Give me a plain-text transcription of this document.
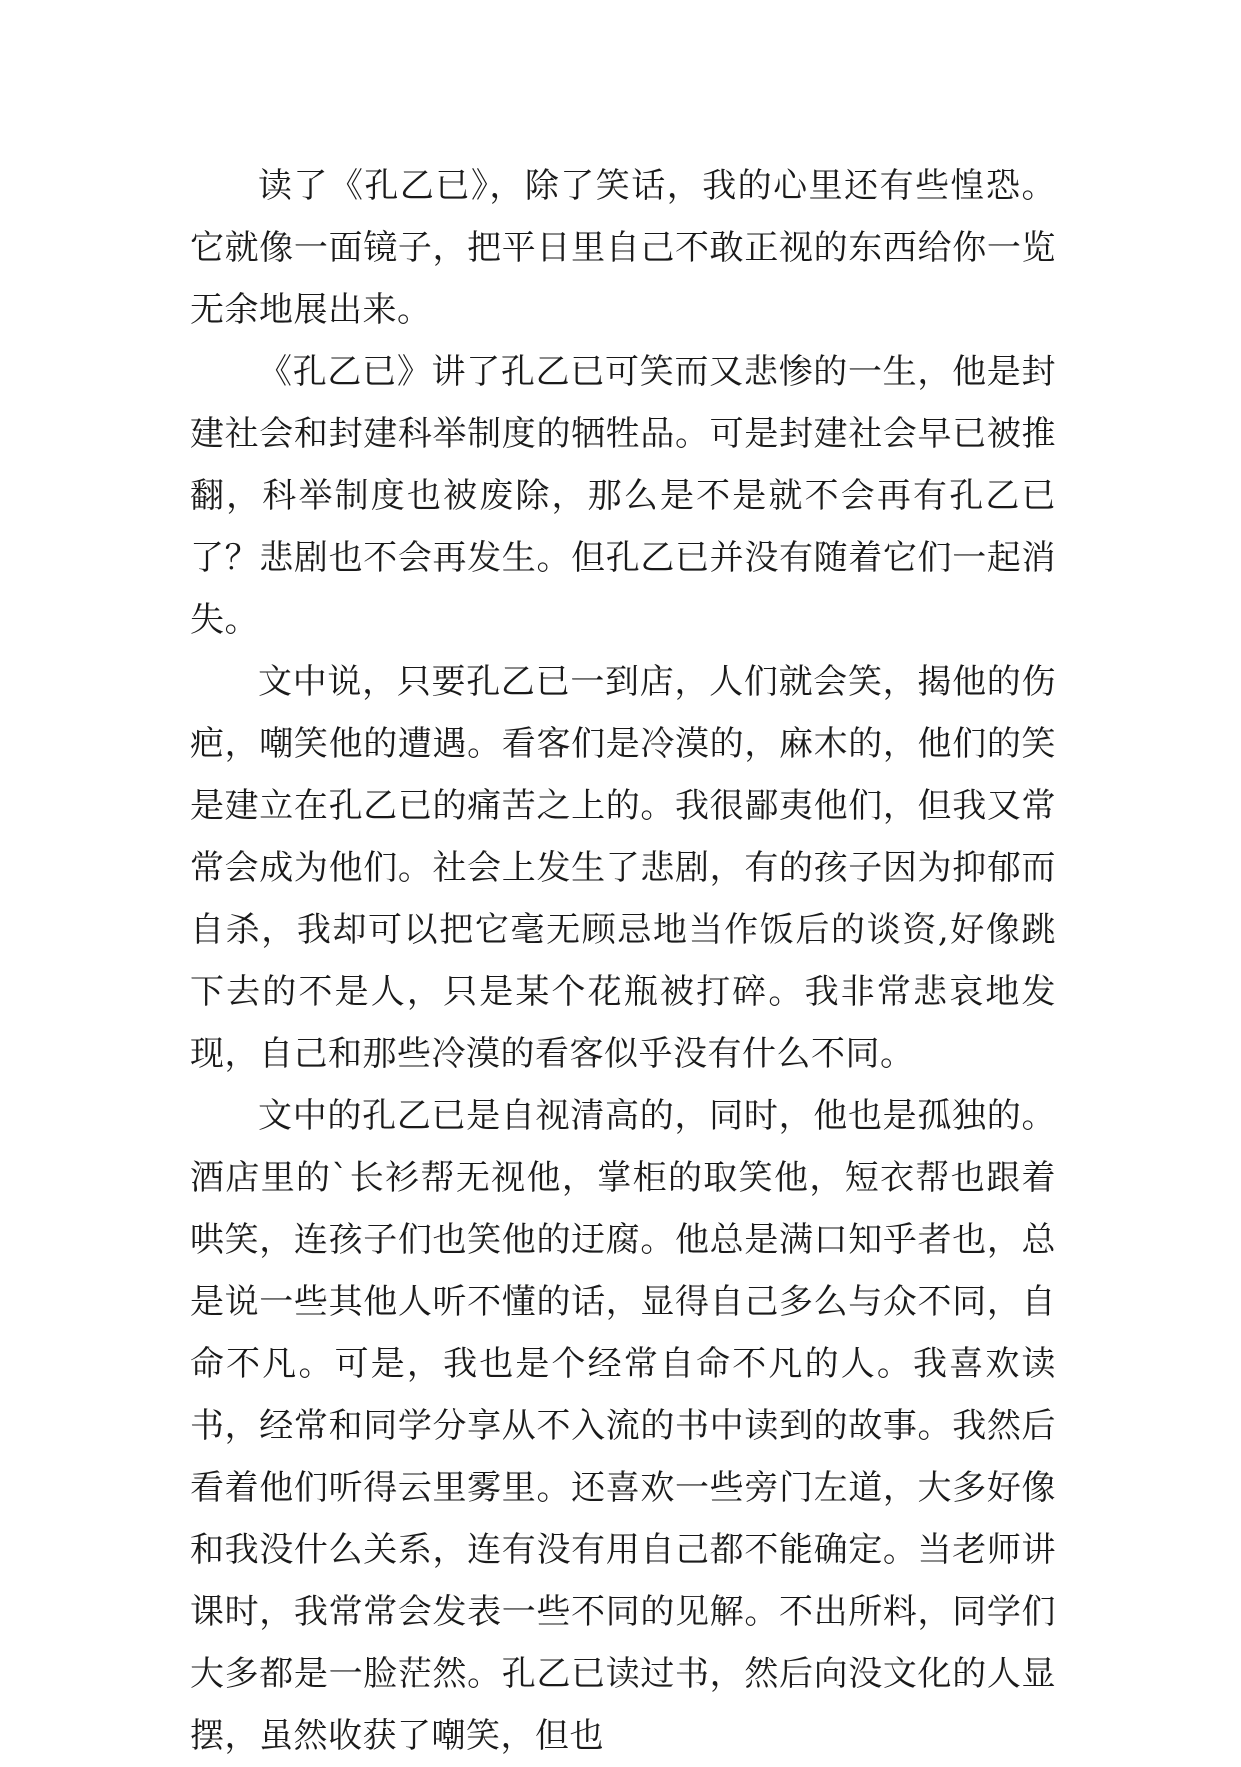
读了《孔乙已》，除了笑话，我的心里还有些惶恐。它就像一面镜子，把平日里自己不敢正视的东西给你一览无余地展出来。

《孔乙已》讲了孔乙已可笑而又悲惨的一生，他是封建社会和封建科举制度的牺牲品。可是封建社会早已被推翻，科举制度也被废除，那么是不是就不会再有孔乙已了？悲剧也不会再发生。但孔乙已并没有随着它们一起消失。

文中说，只要孔乙已一到店，人们就会笑，揭他的伤疤，嘲笑他的遭遇。看客们是冷漠的，麻木的，他们的笑是建立在孔乙已的痛苦之上的。我很鄙夷他们，但我又常常会成为他们。社会上发生了悲剧，有的孩子因为抑郁而自杀，我却可以把它毫无顾忌地当作饭后的谈资,好像跳下去的不是人，只是某个花瓶被打碎。我非常悲哀地发现，自己和那些冷漠的看客似乎没有什么不同。

文中的孔乙已是自视清高的，同时，他也是孤独的。酒店里的`长衫帮无视他，掌柜的取笑他，短衣帮也跟着哄笑，连孩子们也笑他的迂腐。他总是满口知乎者也，总是说一些其他人听不懂的话，显得自己多么与众不同，自命不凡。可是，我也是个经常自命不凡的人。我喜欢读书，经常和同学分享从不入流的书中读到的故事。我然后看着他们听得云里雾里。还喜欢一些旁门左道，大多好像和我没什么关系，连有没有用自己都不能确定。当老师讲课时，我常常会发表一些不同的见解。不出所料，同学们大多都是一脸茫然。孔乙已读过书，然后向没文化的人显摆，虽然收获了嘲笑，但也
